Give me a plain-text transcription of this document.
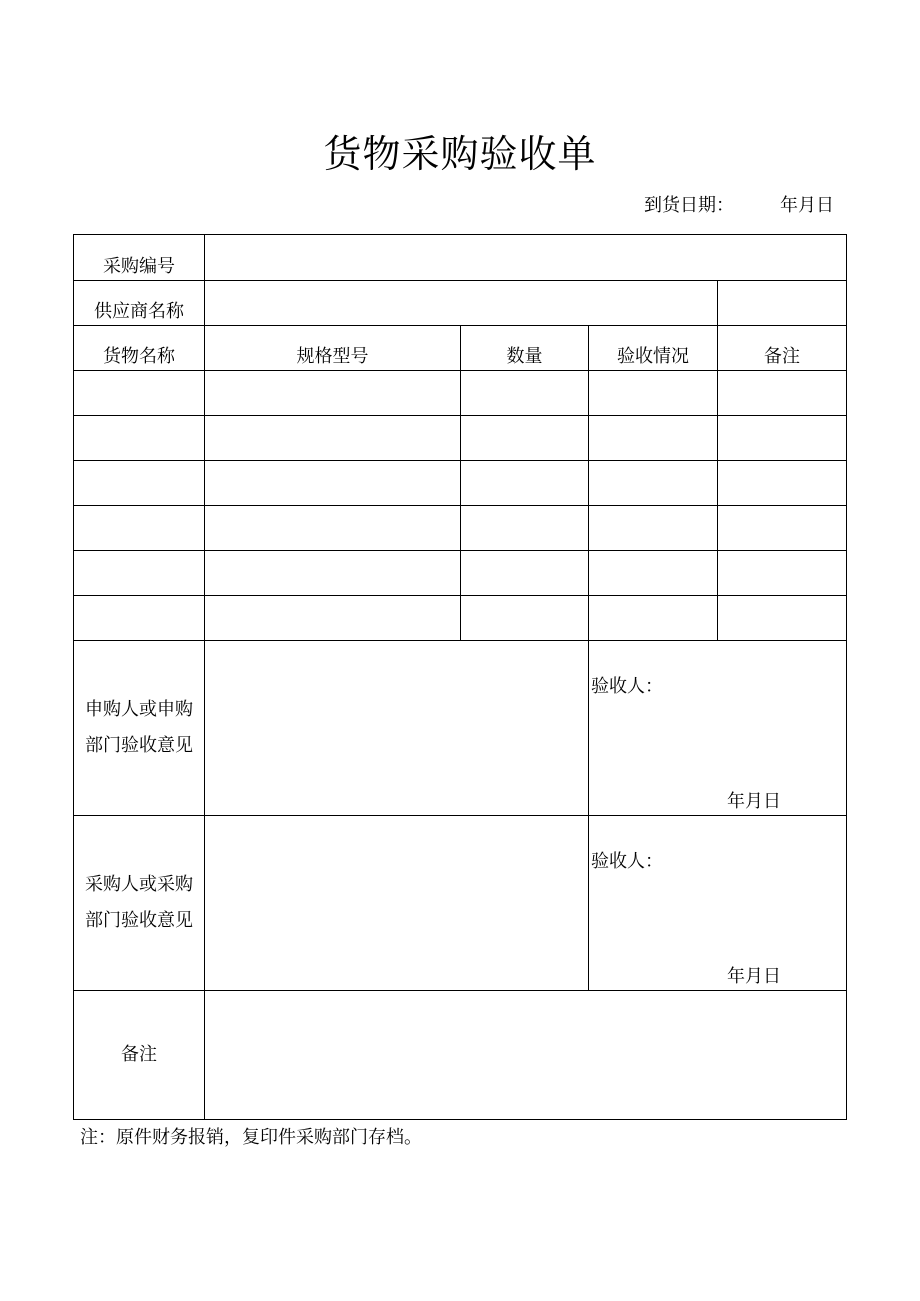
货物采购验收单
到货日期：	年月日
采购编号				
供应商名称				
货物名称	规格型号	数量	验收情况	备注

申购人或申购
部门验收意见			验收人：
年月日	

采购人或采购
部门验收意见			验收人：
年月日	

备注				
注：原件财务报销，复印件采购部门存档。
